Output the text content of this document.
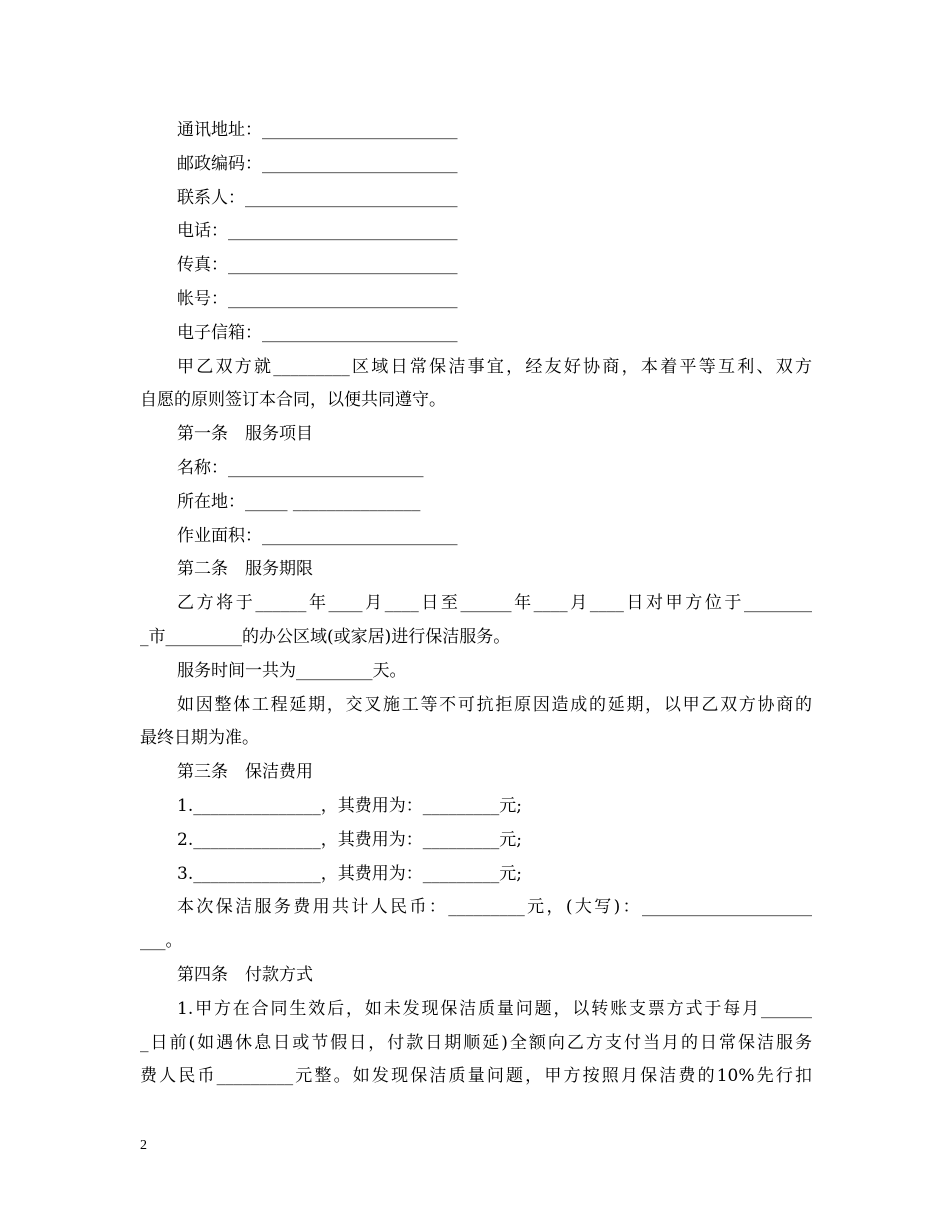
通讯地址：_______________________
邮政编码：_______________________
联系人：_________________________
电话：___________________________
传真：___________________________
帐号：___________________________
电子信箱：_______________________
甲乙双方就_________区域日常保洁事宜，经友好协商，本着平等互利、双方
自愿的原则签订本合同，以便共同遵守。
第一条　服务项目
名称：_______________________
所在地：_____ _______________
作业面积：_______________________
第二条　服务期限
乙方将于______年____月____日至______年____月____日对甲方位于________
_市_________的办公区域(或家居)进行保洁服务。
服务时间一共为_________天。
如因整体工程延期，交叉施工等不可抗拒原因造成的延期，以甲乙双方协商的
最终日期为准。
第三条　保洁费用
1._______________，其费用为：_________元;
2._______________，其费用为：_________元;
3._______________，其费用为：_________元;
本次保洁服务费用共计人民币：_________元，(大写)：____________________
___。
第四条　付款方式
1.甲方在合同生效后，如未发现保洁质量问题，以转账支票方式于每月______
_日前(如遇休息日或节假日，付款日期顺延)全额向乙方支付当月的日常保洁服务
费人民币_________元整。如发现保洁质量问题，甲方按照月保洁费的10%先行扣
2
